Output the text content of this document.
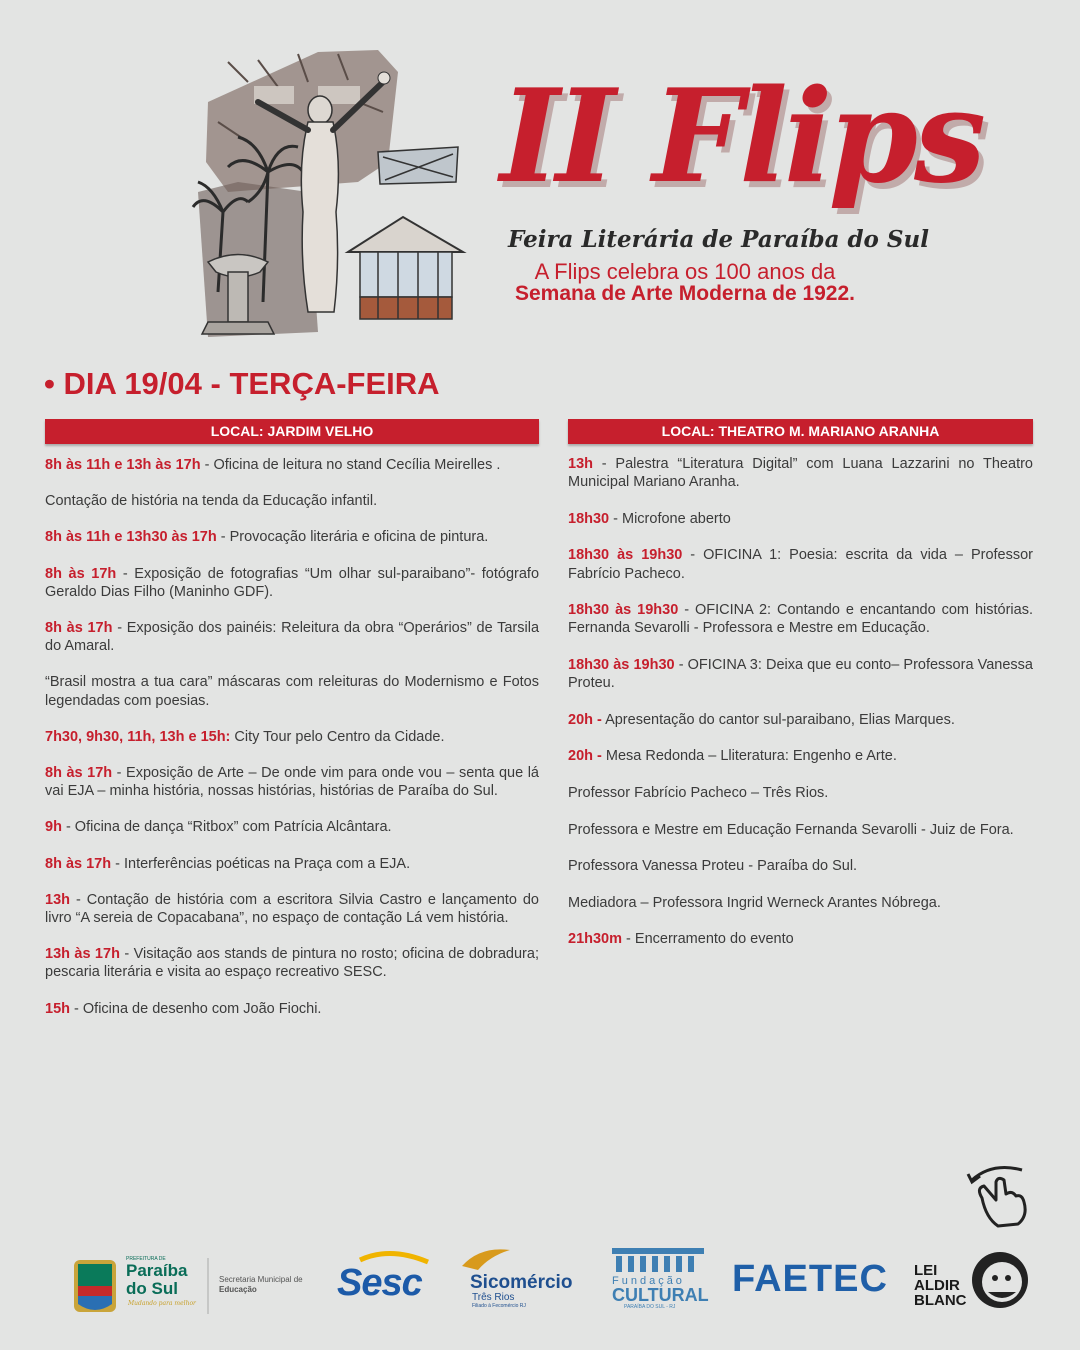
II Flips
Feira Literária de Paraíba do Sul
A Flips celebra os 100 anos da
Semana de Arte Moderna de 1922.
• DIA 19/04 - TERÇA-FEIRA
LOCAL: JARDIM VELHO

8h às 11h e 13h às 17h - Oficina de leitura no stand Cecília Meirelles .

Contação de história na tenda da Educação infantil.

8h às 11h e 13h30 às 17h - Provocação literária e oficina de pintura.

8h às 17h - Exposição de fotografias “Um olhar sul-paraibano”- fotógrafo Geraldo Dias Filho (Maninho GDF).

8h às 17h - Exposição dos painéis: Releitura da obra “Operários” de Tarsila do Amaral.

“Brasil mostra a tua cara” máscaras com releituras do Modernismo e Fotos legendadas com poesias.

7h30, 9h30, 11h, 13h e 15h: City Tour pelo Centro da Cidade.

8h às 17h - Exposição de Arte – De onde vim para onde vou – senta que lá vai EJA – minha história, nossas histórias, histórias de Paraíba do Sul.

9h - Oficina de dança “Ritbox” com Patrícia Alcântara.

8h às 17h - Interferências poéticas na Praça com a EJA.

13h - Contação de história com a escritora Silvia Castro e lançamento do livro “A sereia de Copacabana”, no espaço de contação Lá vem história.

13h às 17h - Visitação aos stands de pintura no rosto; oficina de dobradura; pescaria literária e visita ao espaço recreativo SESC.

15h - Oficina de desenho com João Fiochi.

LOCAL: THEATRO M. MARIANO ARANHA

13h - Palestra “Literatura Digital” com Luana Lazzarini no Theatro Municipal Mariano Aranha.

18h30 - Microfone aberto

18h30 às 19h30 - OFICINA 1: Poesia: escrita da vida – Professor Fabrício Pacheco.

18h30 às 19h30 - OFICINA 2: Contando e encantando com histórias. Fernanda Sevarolli - Professora e Mestre em Educação.

18h30 às 19h30 - OFICINA 3: Deixa que eu conto– Professora Vanessa Proteu.

20h - Apresentação do cantor sul-paraibano, Elias Marques.

20h - Mesa Redonda – Lliteratura: Engenho e Arte.

Professor Fabrício Pacheco – Três Rios.

Professora e Mestre em Educação Fernanda Sevarolli - Juiz de Fora.

Professora Vanessa Proteu - Paraíba do Sul.

Mediadora – Professora Ingrid Werneck Arantes Nóbrega.

21h30m - Encerramento do evento

PREFEITURA DE
Paraíba
do Sul
Mudando para melhor
Secretaria Municipal de
Educação	Sesc	Sicomércio
Três Rios
Filiado à Fecomércio RJ
Fundação
CULTURAL
PARAÍBA DO SUL - RJ
FAETEC LEI
ALDIR
BLANC
